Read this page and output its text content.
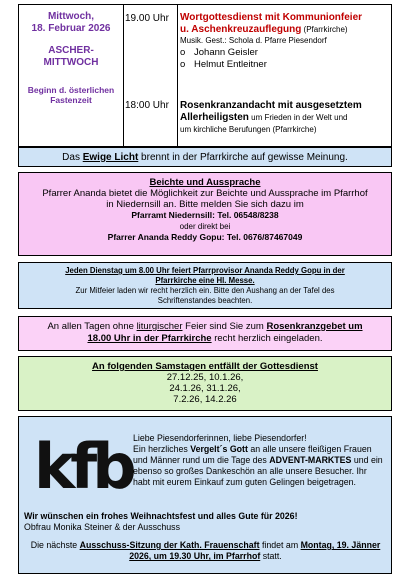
Mittwoch,
18. Februar 2026
ASCHER-
MITTWOCH
Beginn d. österlichen
Fastenzeit
19.00 Uhr
18:00 Uhr
Wortgottesdienst mit Kommunionfeier
u. Aschenkreuzauflegung (Pfarrkirche)
Musik. Gest.: Schola d. Pfarre Piesendorf
o Johann Geisler
o Helmut Entleitner
Rosenkranzandacht mit ausgesetztem
Allerheiligsten um Frieden in der Welt und
um kirchliche Berufungen (Pfarrkirche)
Das Ewige Licht brennt in der Pfarrkirche auf gewisse Meinung.
Beichte und Aussprache
Pfarrer Ananda bietet die Möglichkeit zur Beichte und Aussprache im Pfarrhof
in Niedernsill an. Bitte melden Sie sich dazu im
Pfarramt Niedernsill: Tel. 06548/8238
oder direkt bei
Pfarrer Ananda Reddy Gopu: Tel. 0676/87467049
Jeden Dienstag um 8.00 Uhr feiert Pfarrprovisor Ananda Reddy Gopu in der
Pfarrkirche eine Hl. Messe.
Zur Mitfeier laden wir recht herzlich ein. Bitte den Aushang an der Tafel des
Schriftenstandes beachten.
An allen Tagen ohne liturgischer Feier sind Sie zum Rosenkranzgebet um
18.00 Uhr in der Pfarrkirche recht herzlich eingeladen.
An folgenden Samstagen entfällt der Gottesdienst
27.12.25, 10.1.26,
24.1.26, 31.1.26,
7.2.26, 14.2.26
kfb Liebe Piesendorferinnen, liebe Piesendorfer!
Ein herzliches Vergelt´s Gott an alle unsere fleißigen Frauen und Männer rund um die Tage des ADVENT-MARKTES und ein ebenso so großes Dankeschön an alle unsere Besucher. Ihr habt mit eurem Einkauf zum guten Gelingen beigetragen.
Wir wünschen ein frohes Weihnachtsfest und alles Gute für 2026!
Obfrau Monika Steiner & der Ausschuss
Die nächste Ausschuss-Sitzung der Kath. Frauenschaft findet am Montag, 19. Jänner 2026, um 19.30 Uhr, im Pfarrhof statt.
